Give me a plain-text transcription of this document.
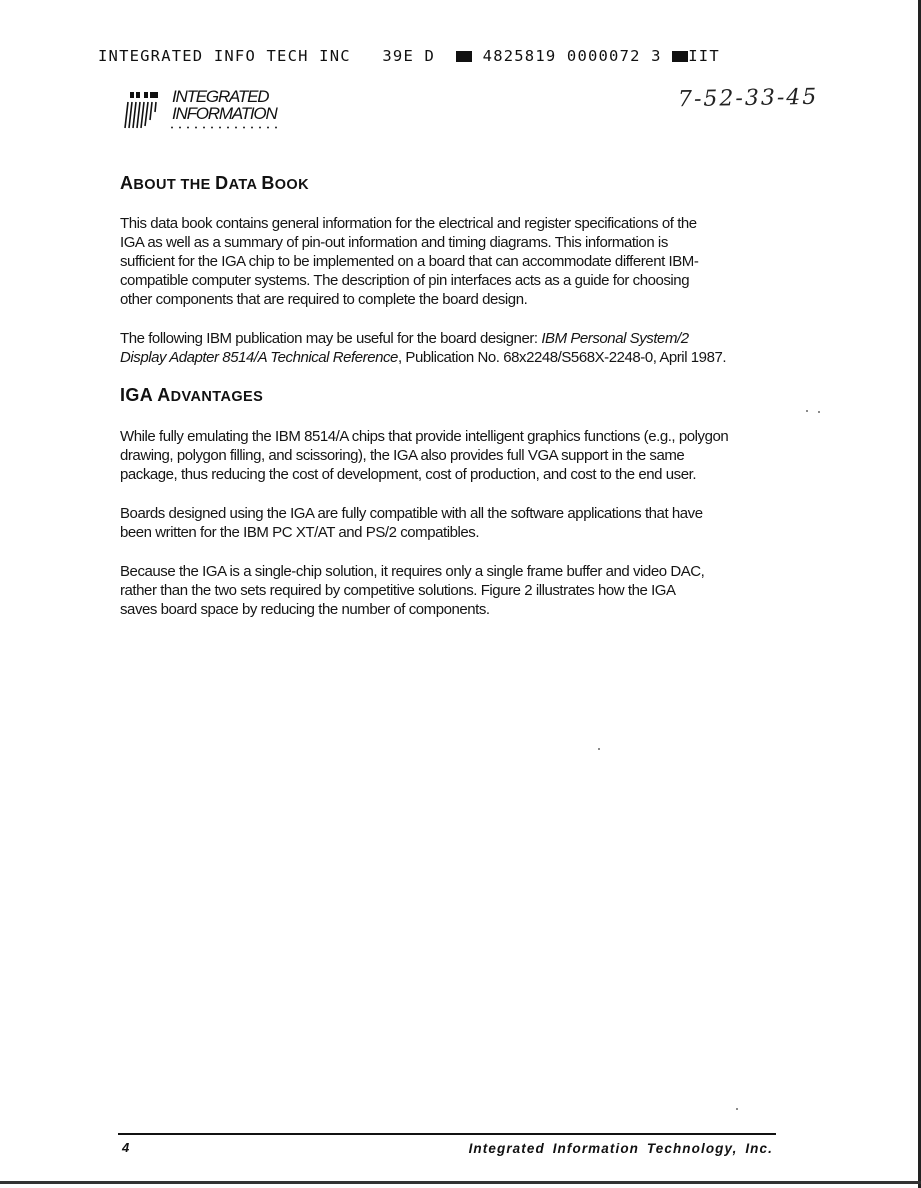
INTEGRATED INFO TECH INC 39E D	4825819 0000072 3 IIT
INTEGRATED
INFORMATION
7-52-33-45
ABOUT THE DATA BOOK

This data book contains general information for the electrical and register specifications of the
IGA as well as a summary of pin-out information and timing diagrams. This information is
sufficient for the IGA chip to be implemented on a board that can accommodate different IBM-
compatible computer systems. The description of pin interfaces acts as a guide for choosing
other components that are required to complete the board design.

The following IBM publication may be useful for the board designer: IBM Personal System/2
Display Adapter 8514/A Technical Reference, Publication No. 68x2248/S568X-2248-0, April 1987.

IGA ADVANTAGES

While fully emulating the IBM 8514/A chips that provide intelligent graphics functions (e.g., polygon
drawing, polygon filling, and scissoring), the IGA also provides full VGA support in the same
package, thus reducing the cost of development, cost of production, and cost to the end user.

Boards designed using the IGA are fully compatible with all the software applications that have
been written for the IBM PC XT/AT and PS/2 compatibles.

Because the IGA is a single-chip solution, it requires only a single frame buffer and video DAC,
rather than the two sets required by competitive solutions. Figure 2 illustrates how the IGA
saves board space by reducing the number of components.

4	Integrated Information Technology, Inc.
